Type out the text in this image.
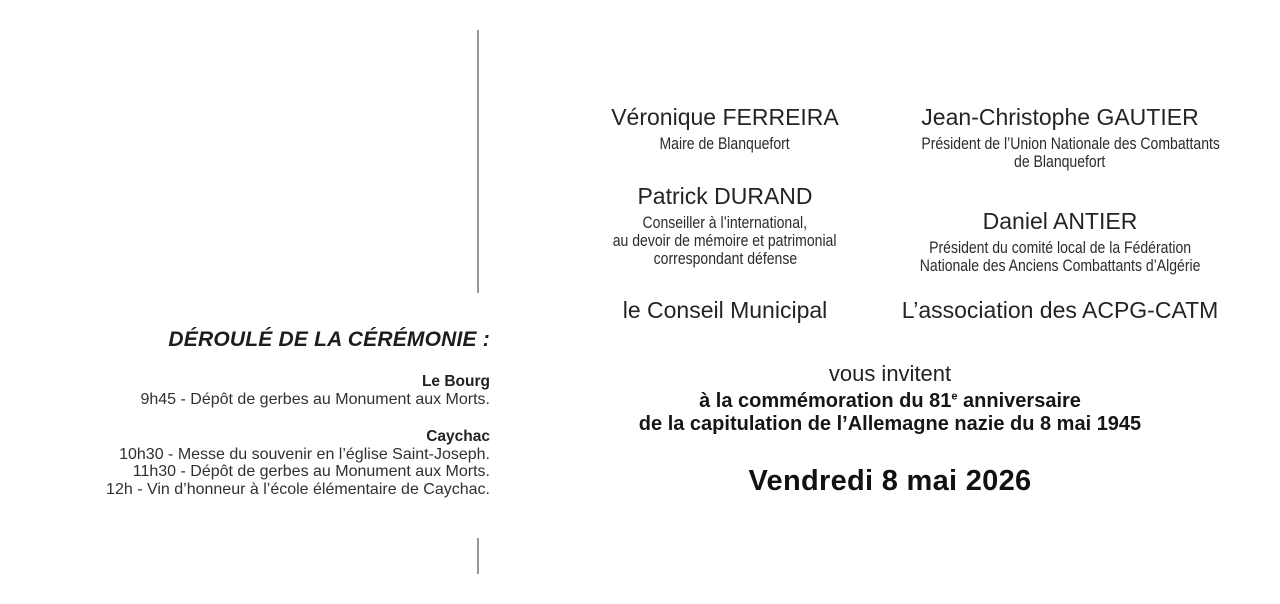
DÉROULÉ DE LA CÉRÉMONIE :
Le Bourg
9h45 - Dépôt de gerbes au Monument aux Morts.
Caychac
10h30 - Messe du souvenir en l’église Saint-Joseph.
11h30 - Dépôt de gerbes au Monument aux Morts.
12h - Vin d’honneur à l’école élémentaire de Caychac.
Véronique FERREIRA
Maire de Blanquefort
Patrick DURAND
Conseiller à l’international,
au devoir de mémoire et patrimonial
correspondant défense
le Conseil Municipal
Jean-Christophe GAUTIER
Président de l’Union Nationale des Combattants
de Blanquefort
Daniel ANTIER
Président du comité local de la Fédération
Nationale des Anciens Combattants d’Algérie
L’association des ACPG-CATM
vous invitent
à la commémoration du 81e anniversaire
de la capitulation de l’Allemagne nazie du 8 mai 1945
Vendredi 8 mai 2026
